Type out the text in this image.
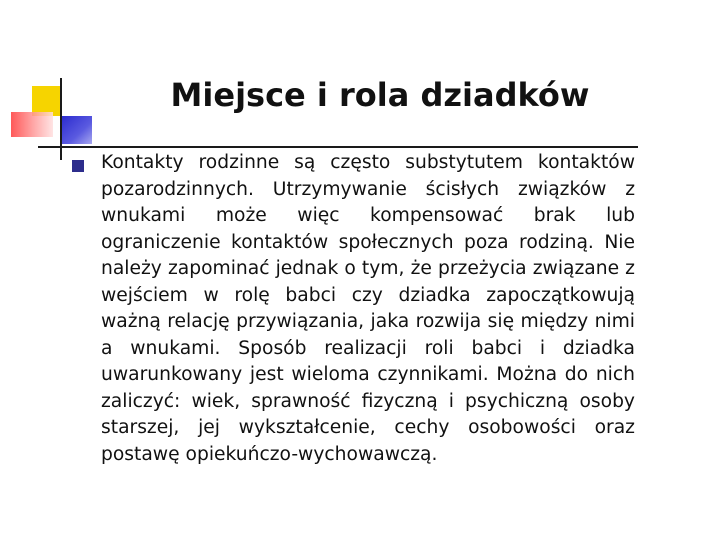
Miejsce i rola dziadków

Kontakty rodzinne są często substytutem kontaktów pozarodzinnych. Utrzymywanie ścisłych związków z wnukami może więc kompensować brak lub ograniczenie kontaktów społecznych poza rodziną. Nie należy zapominać jednak o tym, że przeżycia związane z wejściem w rolę babci czy dziadka zapoczątkowują ważną relację przywiązania, jaka rozwija się między nimi a wnukami. Sposób realizacji roli babci i dziadka uwarunkowany jest wieloma czynnikami. Można do nich zaliczyć: wiek, sprawność fizyczną i psychiczną osoby starszej, jej wykształcenie, cechy osobowości oraz postawę opiekuńczo-wychowawczą.
